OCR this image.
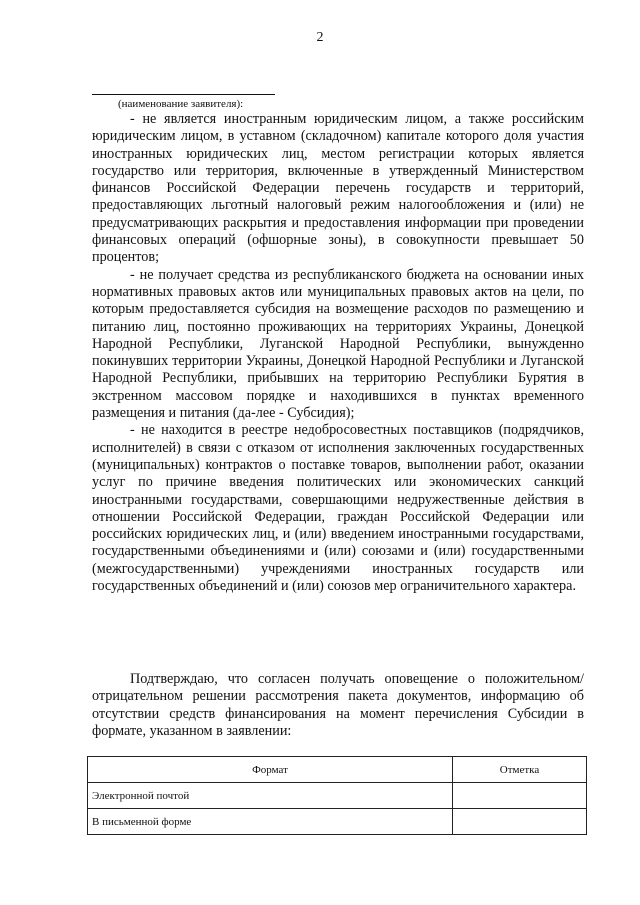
2
(наименование заявителя):

- не является иностранным юридическим лицом, а также российским юридическим лицом, в уставном (складочном) капитале которого доля участия иностранных юридических лиц, местом регистрации которых является государство или территория, включенные в утвержденный Министерством финансов Российской Федерации перечень государств и территорий, предоставляющих льготный налоговый режим налогообложения и (или) не предусматривающих раскрытия и предоставления информации при проведении финансовых операций (офшорные зоны), в совокупности превышает 50 процентов;

- не получает средства из республиканского бюджета на основании иных нормативных правовых актов или муниципальных правовых актов на цели, по которым предоставляется субсидия на возмещение расходов по размещению и питанию лиц, постоянно проживающих на территориях Украины, Донецкой Народной Республики, Луганской Народной Республики, вынужденно покинувших территории Украины, Донецкой Народной Республики и Луганской Народной Республики, прибывших на территорию Республики Бурятия в экстренном массовом порядке и находившихся в пунктах временного размещения и питания (да-лее - Субсидия);

- не находится в реестре недобросовестных поставщиков (подрядчиков, исполнителей) в связи с отказом от исполнения заключенных государственных (муниципальных) контрактов о поставке товаров, выполнении работ, оказании услуг по причине введения политических или экономических санкций иностранными государствами, совершающими недружественные действия в отношении Российской Федерации, граждан Российской Федерации или российских юридических лиц, и (или) введением иностранными государствами, государственными объединениями и (или) союзами и (или) государственными (межгосударственными) учреждениями иностранных государств или государственных объединений и (или) союзов мер ограничительного характера.

Подтверждаю, что согласен получать оповещение о положительном/отрицательном решении рассмотрения пакета документов, информацию об отсутствии средств финансирования на момент перечисления Субсидии в формате, указанном в заявлении:

Формат	Отметка
Электронной почтой	
В письменной форме	
